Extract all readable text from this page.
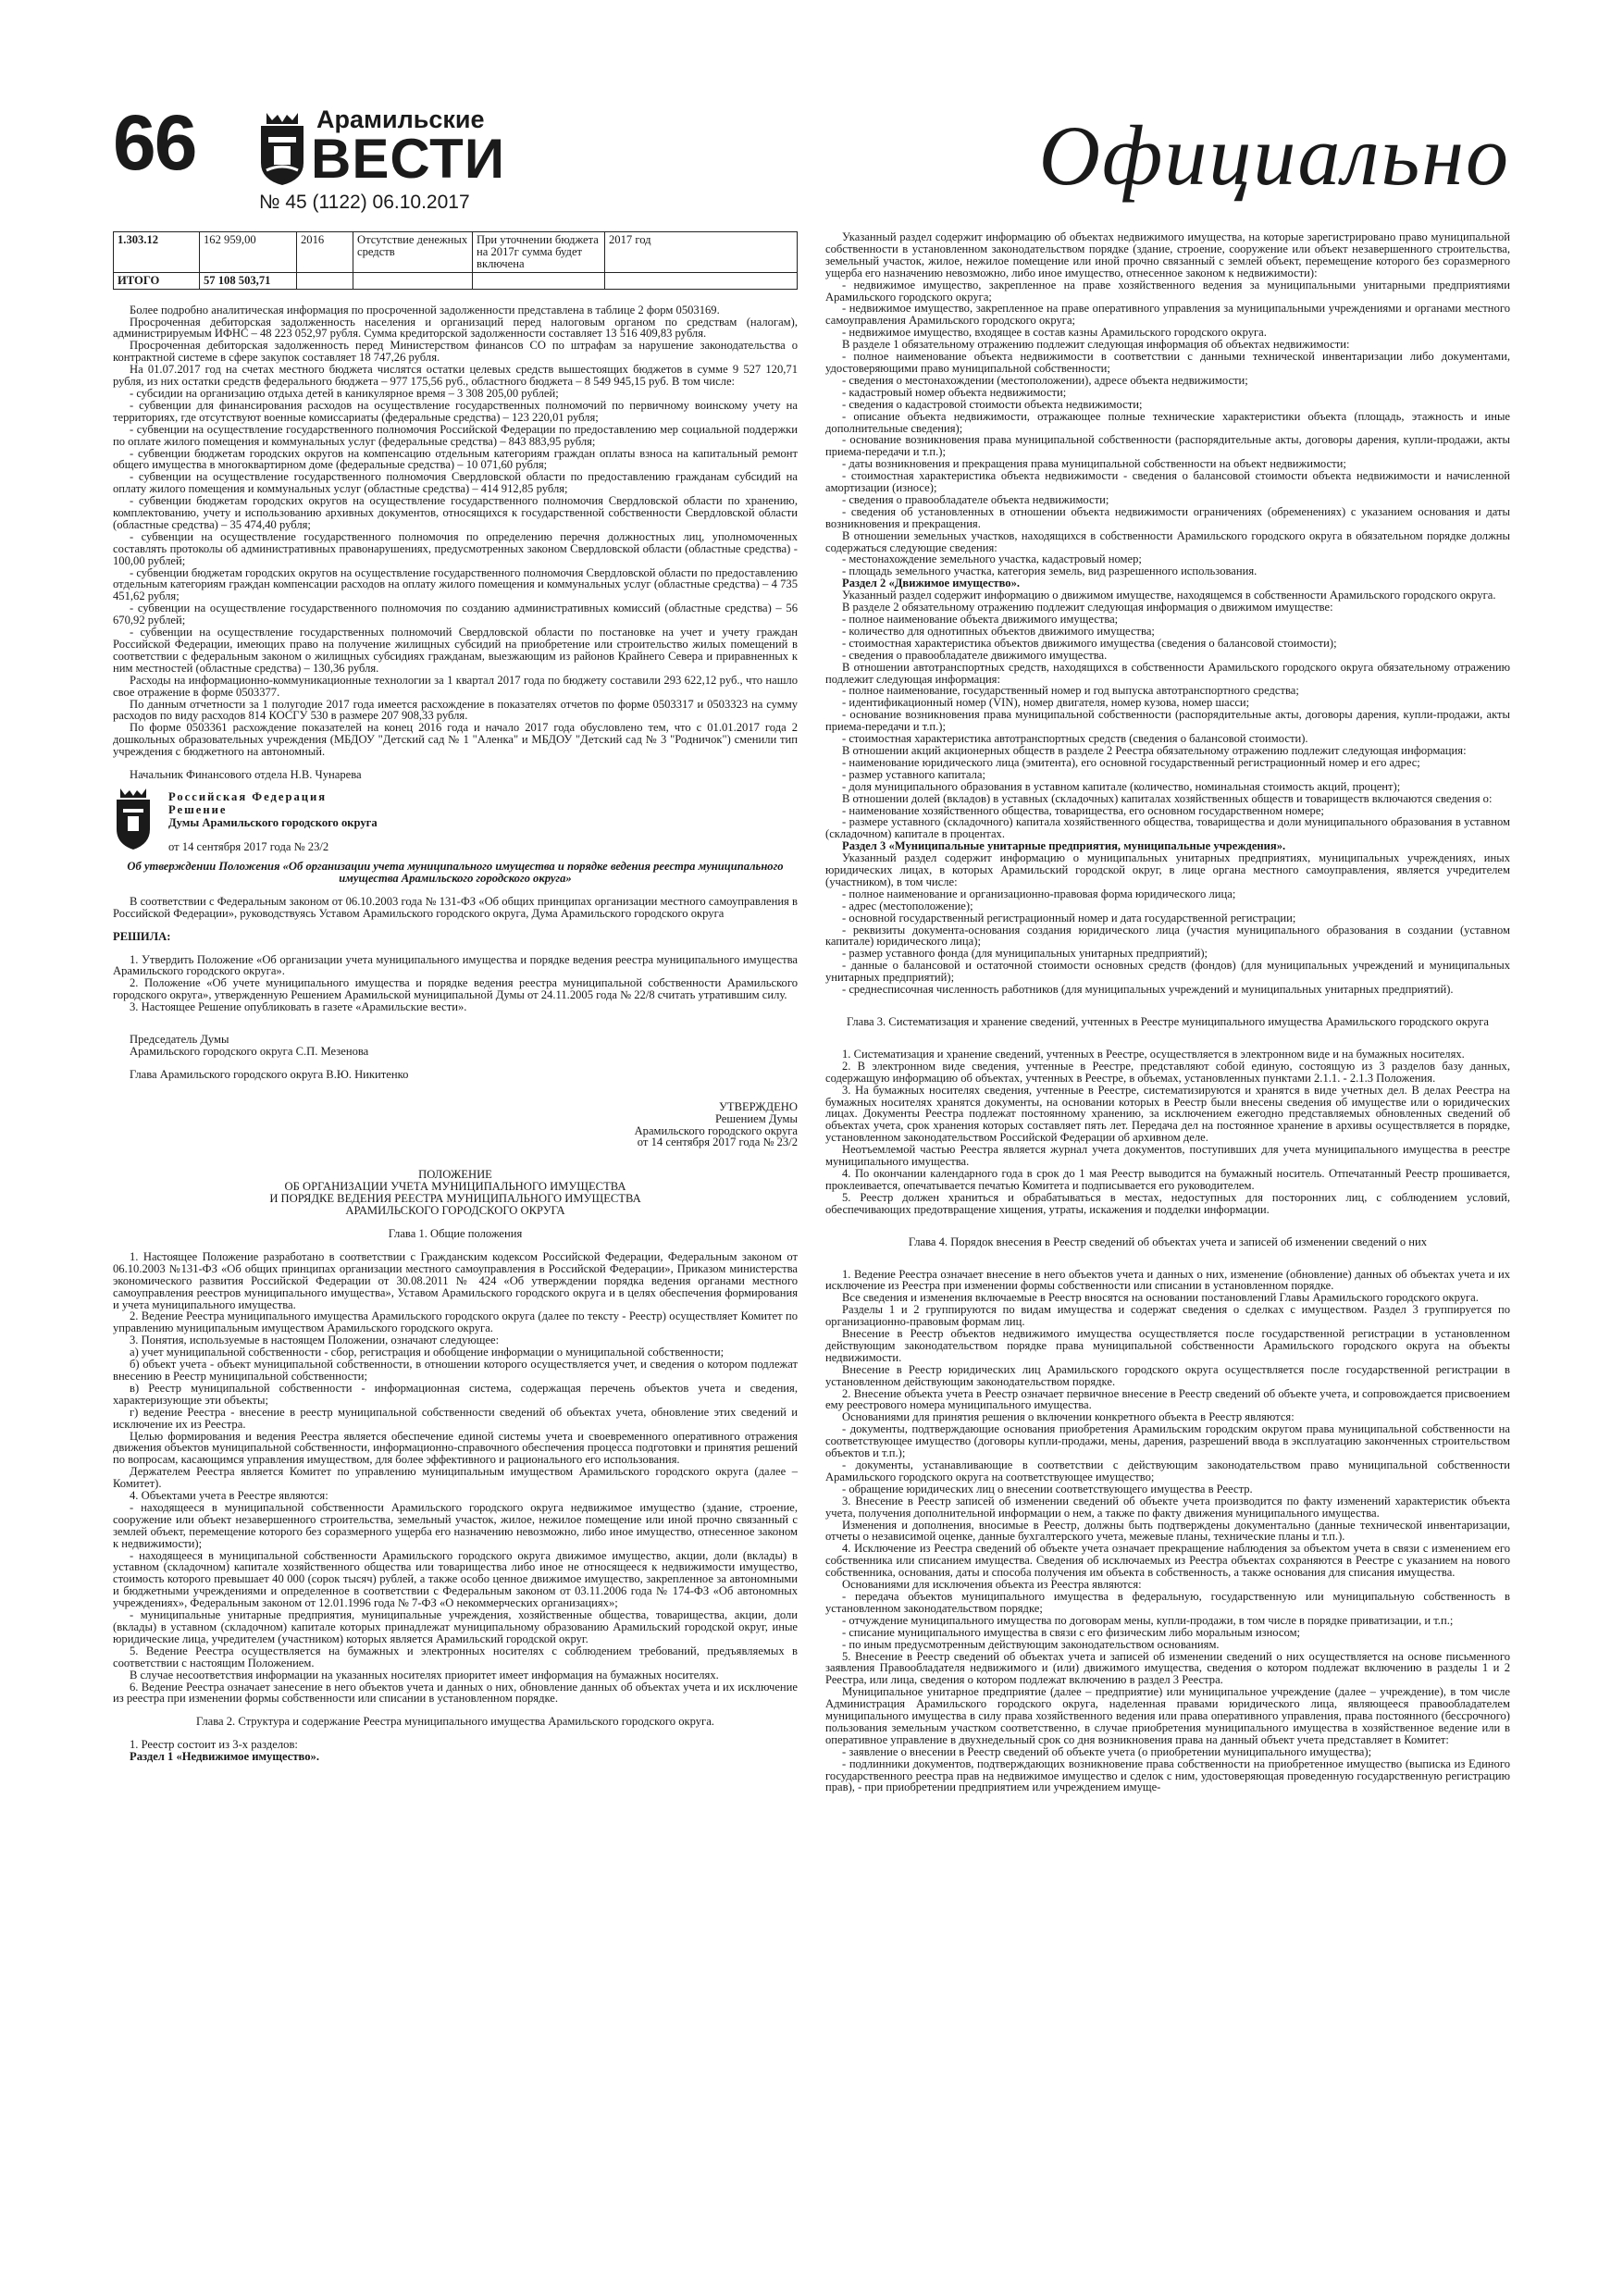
66	Арамильские
ВЕСТИ
№ 45 (1122) 06.10.2017	Официально
1.303.12	162 959,00	2016	Отсутствие денежных средств	При уточнении бюджета на 2017г сумма будет включена	2017 год
ИТОГО	57 108 503,71				

Более подробно аналитическая информация по просроченной задолженности представлена в таблице 2 форм 0503169.

Просроченная дебиторская задолженность населения и организаций перед налоговым органом по средствам (налогам), администрируемым ИФНС – 48 223 052,97 рубля. Сумма кредиторской задолженности составляет 13 516 409,83 рубля.

Просроченная дебиторская задолженность перед Министерством финансов СО по штрафам за нарушение законодательства о контрактной системе в сфере закупок составляет 18 747,26 рубля.

На 01.07.2017 год на счетах местного бюджета числятся остатки целевых средств вышестоящих бюджетов в сумме 9 527 120,71 рубля, из них остатки средств федерального бюджета – 977 175,56 руб., областного бюджета – 8 549 945,15 руб. В том числе:

- субсидии на организацию отдыха детей в каникулярное время – 3 308 205,00 рублей;

- субвенции для финансирования расходов на осуществление государственных полномочий по первичному воинскому учету на территориях, где отсутствуют военные комиссариаты (федеральные средства) – 123 220,01 рубля;

- субвенции на осуществление государственного полномочия Российской Федерации по предоставлению мер социальной поддержки по оплате жилого помещения и коммунальных услуг (федеральные средства) – 843 883,95 рубля;

- субвенции бюджетам городских округов на компенсацию отдельным категориям граждан оплаты взноса на капитальный ремонт общего имущества в многоквартирном доме (федеральные средства) – 10 071,60 рубля;

- субвенции на осуществление государственного полномочия Свердловской области по предоставлению гражданам субсидий на оплату жилого помещения и коммунальных услуг (областные средства) – 414 912,85 рубля;

- субвенции бюджетам городских округов на осуществление государственного полномочия Свердловской области по хранению, комплектованию, учету и использованию архивных документов, относящихся к государственной собственности Свердловской области (областные средства) – 35 474,40 рубля;

- субвенции на осуществление государственного полномочия по определению перечня должностных лиц, уполномоченных составлять протоколы об административных правонарушениях, предусмотренных законом Свердловской области (областные средства) - 100,00 рублей;

- субвенции бюджетам городских округов на осуществление государственного полномочия Свердловской области по предоставлению отдельным категориям граждан компенсации расходов на оплату жилого помещения и коммунальных услуг (областные средства) – 4 735 451,62 рубля;

- субвенции на осуществление государственного полномочия по созданию административных комиссий (областные средства) – 56 670,92 рублей;

- субвенции на осуществление государственных полномочий Свердловской области по постановке на учет и учету граждан Российской Федерации, имеющих право на получение жилищных субсидий на приобретение или строительство жилых помещений в соответствии с федеральным законом о жилищных субсидиях гражданам, выезжающим из районов Крайнего Севера и приравненных к ним местностей (областные средства) – 130,36 рубля.

Расходы на информационно-коммуникационные технологии за 1 квартал 2017 года по бюджету составили 293 622,12 руб., что нашло свое отражение в форме 0503377.

По данным отчетности за 1 полугодие 2017 года имеется расхождение в показателях отчетов по форме 0503317 и 0503323 на сумму расходов по виду расходов 814 КОСГУ 530 в размере 207 908,33 рубля.

По форме 0503361 расхождение показателей на конец 2016 года и начало 2017 года обусловлено тем, что с 01.01.2017 года 2 дошкольных образовательных учреждения (МБДОУ "Детский сад № 1 "Аленка" и МБДОУ "Детский сад № 3 "Родничок") сменили тип учреждения с бюджетного на автономный.

Начальник Финансового отдела Н.В. Чунарева

Российская Федерация
Решение
Думы Арамильского городского округа
от 14 сентября 2017 года № 23/2

Об утверждении Положения «Об организации учета муниципального имущества и порядке ведения реестра муниципального имущества Арамильского городского округа»

В соответствии с Федеральным законом от 06.10.2003 года № 131-ФЗ «Об общих принципах организации местного самоуправления в Российской Федерации», руководствуясь Уставом Арамильского городского округа, Дума Арамильского городского округа

РЕШИЛА:

1. Утвердить Положение «Об организации учета муниципального имущества и порядке ведения реестра муниципального имущества Арамильского городского округа».

2. Положение «Об учете муниципального имущества и порядке ведения реестра муниципальной собственности Арамильского городского округа», утвержденную Решением Арамильской муниципальной Думы от 24.11.2005 года № 22/8 считать утратившим силу.

3. Настоящее Решение опубликовать в газете «Арамильские вести».

Председатель Думы

Арамильского городского округа С.П. Мезенова

Глава Арамильского городского округа В.Ю. Никитенко

УТВЕРЖДЕНО

Решением Думы

Арамильского городского округа

от 14 сентября 2017 года № 23/2

ПОЛОЖЕНИЕ

ОБ ОРГАНИЗАЦИИ УЧЕТА МУНИЦИПАЛЬНОГО ИМУЩЕСТВА

И ПОРЯДКЕ ВЕДЕНИЯ РЕЕСТРА МУНИЦИПАЛЬНОГО ИМУЩЕСТВА

АРАМИЛЬСКОГО ГОРОДСКОГО ОКРУГА

Глава 1. Общие положения

1. Настоящее Положение разработано в соответствии с Гражданским кодексом Российской Федерации, Федеральным законом от 06.10.2003 №131-ФЗ «Об общих принципах организации местного самоуправления в Российской Федерации», Приказом министерства экономического развития Российской Федерации от 30.08.2011 № 424 «Об утверждении порядка ведения органами местного самоуправления реестров муниципального имущества», Уставом Арамильского городского округа и в целях обеспечения формирования и учета муниципального имущества.

2. Ведение Реестра муниципального имущества Арамильского городского округа (далее по тексту - Реестр) осуществляет Комитет по управлению муниципальным имуществом Арамильского городского округа.

3. Понятия, используемые в настоящем Положении, означают следующее:

а) учет муниципальной собственности - сбор, регистрация и обобщение информации о муниципальной собственности;

б) объект учета - объект муниципальной собственности, в отношении которого осуществляется учет, и сведения о котором подлежат внесению в Реестр муниципальной собственности;

в) Реестр муниципальной собственности - информационная система, содержащая перечень объектов учета и сведения, характеризующие эти объекты;

г) ведение Реестра - внесение в реестр муниципальной собственности сведений об объектах учета, обновление этих сведений и исключение их из Реестра.

Целью формирования и ведения Реестра является обеспечение единой системы учета и своевременного оперативного отражения движения объектов муниципальной собственности, информационно-справочного обеспечения процесса подготовки и принятия решений по вопросам, касающимся управления имуществом, для более эффективного и рационального его использования.

Держателем Реестра является Комитет по управлению муниципальным имуществом Арамильского городского округа (далее – Комитет).

4. Объектами учета в Реестре являются:

- находящееся в муниципальной собственности Арамильского городского округа недвижимое имущество (здание, строение, сооружение или объект незавершенного строительства, земельный участок, жилое, нежилое помещение или иной прочно связанный с землей объект, перемещение которого без соразмерного ущерба его назначению невозможно, либо иное имущество, отнесенное законом к недвижимости);

- находящееся в муниципальной собственности Арамильского городского округа движимое имущество, акции, доли (вклады) в уставном (складочном) капитале хозяйственного общества или товарищества либо иное не относящееся к недвижимости имущество, стоимость которого превышает 40 000 (сорок тысяч) рублей, а также особо ценное движимое имущество, закрепленное за автономными и бюджетными учреждениями и определенное в соответствии с Федеральным законом от 03.11.2006 года № 174-ФЗ «Об автономных учреждениях», Федеральным законом от 12.01.1996 года № 7-ФЗ «О некоммерческих организациях»;

- муниципальные унитарные предприятия, муниципальные учреждения, хозяйственные общества, товарищества, акции, доли (вклады) в уставном (складочном) капитале которых принадлежат муниципальному образованию Арамильский городской округ, иные юридические лица, учредителем (участником) которых является Арамильский городской округ.

5. Ведение Реестра осуществляется на бумажных и электронных носителях с соблюдением требований, предъявляемых в соответствии с настоящим Положением.

В случае несоответствия информации на указанных носителях приоритет имеет информация на бумажных носителях.

6. Ведение Реестра означает занесение в него объектов учета и данных о них, обновление данных об объектах учета и их исключение из реестра при изменении формы собственности или списании в установленном порядке.

Глава 2. Структура и содержание Реестра муниципального имущества Арамильского городского округа.

1. Реестр состоит из 3-х разделов:

Раздел 1 «Недвижимое имущество».

Указанный раздел содержит информацию об объектах недвижимого имущества, на которые зарегистрировано право муниципальной собственности в установленном законодательством порядке (здание, строение, сооружение или объект незавершенного строительства, земельный участок, жилое, нежилое помещение или иной прочно связанный с землей объект, перемещение которого без соразмерного ущерба его назначению невозможно, либо иное имущество, отнесенное законом к недвижимости):

- недвижимое имущество, закрепленное на праве хозяйственного ведения за муниципальными унитарными предприятиями Арамильского городского округа;

- недвижимое имущество, закрепленное на праве оперативного управления за муниципальными учреждениями и органами местного самоуправления Арамильского городского округа;

- недвижимое имущество, входящее в состав казны Арамильского городского округа.

В разделе 1 обязательному отражению подлежит следующая информация об объектах недвижимости:

- полное наименование объекта недвижимости в соответствии с данными технической инвентаризации либо документами, удостоверяющими право муниципальной собственности;

- сведения о местонахождении (местоположении), адресе объекта недвижимости;

- кадастровый номер объекта недвижимости;

- сведения о кадастровой стоимости объекта недвижимости;

- описание объекта недвижимости, отражающее полные технические характеристики объекта (площадь, этажность и иные дополнительные сведения);

- основание возникновения права муниципальной собственности (распорядительные акты, договоры дарения, купли-продажи, акты приема-передачи и т.п.);

- даты возникновения и прекращения права муниципальной собственности на объект недвижимости;

- стоимостная характеристика объекта недвижимости - сведения о балансовой стоимости объекта недвижимости и начисленной амортизации (износе);

- сведения о правообладателе объекта недвижимости;

- сведения об установленных в отношении объекта недвижимости ограничениях (обременениях) с указанием основания и даты возникновения и прекращения.

В отношении земельных участков, находящихся в собственности Арамильского городского округа в обязательном порядке должны содержаться следующие сведения:

- местонахождение земельного участка, кадастровый номер;

- площадь земельного участка, категория земель, вид разрешенного использования.

Раздел 2 «Движимое имущество».

Указанный раздел содержит информацию о движимом имуществе, находящемся в собственности Арамильского городского округа.

В разделе 2 обязательному отражению подлежит следующая информация о движимом имуществе:

- полное наименование объекта движимого имущества;

- количество для однотипных объектов движимого имущества;

- стоимостная характеристика объектов движимого имущества (сведения о балансовой стоимости);

- сведения о правообладателе движимого имущества.

В отношении автотранспортных средств, находящихся в собственности Арамильского городского округа обязательному отражению подлежит следующая информация:

- полное наименование, государственный номер и год выпуска автотранспортного средства;

- идентификационный номер (VIN), номер двигателя, номер кузова, номер шасси;

- основание возникновения права муниципальной собственности (распорядительные акты, договоры дарения, купли-продажи, акты приема-передачи и т.п.);

- стоимостная характеристика автотранспортных средств (сведения о балансовой стоимости).

В отношении акций акционерных обществ в разделе 2 Реестра обязательному отражению подлежит следующая информация:

- наименование юридического лица (эмитента), его основной государственный регистрационный номер и его адрес;

- размер уставного капитала;

- доля муниципального образования в уставном капитале (количество, номинальная стоимость акций, процент);

В отношении долей (вкладов) в уставных (складочных) капиталах хозяйственных обществ и товариществ включаются сведения о:

- наименование хозяйственного общества, товарищества, его основном государственном номере;

- размере уставного (складочного) капитала хозяйственного общества, товарищества и доли муниципального образования в уставном (складочном) капитале в процентах.

Раздел 3 «Муниципальные унитарные предприятия, муниципальные учреждения».

Указанный раздел содержит информацию о муниципальных унитарных предприятиях, муниципальных учреждениях, иных юридических лицах, в которых Арамильский городской округ, в лице органа местного самоуправления, является учредителем (участником), в том числе:

- полное наименование и организационно-правовая форма юридического лица;

- адрес (местоположение);

- основной государственный регистрационный номер и дата государственной регистрации;

- реквизиты документа-основания создания юридического лица (участия муниципального образования в создании (уставном капитале) юридического лица);

- размер уставного фонда (для муниципальных унитарных предприятий);

- данные о балансовой и остаточной стоимости основных средств (фондов) (для муниципальных учреждений и муниципальных унитарных предприятий);

- среднесписочная численность работников (для муниципальных учреждений и муниципальных унитарных предприятий).

Глава 3. Систематизация и хранение сведений, учтенных в Реестре муниципального имущества Арамильского городского округа

1. Систематизация и хранение сведений, учтенных в Реестре, осуществляется в электронном виде и на бумажных носителях.

2. В электронном виде сведения, учтенные в Реестре, представляют собой единую, состоящую из 3 разделов базу данных, содержащую информацию об объектах, учтенных в Реестре, в объемах, установленных пунктами 2.1.1. - 2.1.3 Положения.

3. На бумажных носителях сведения, учтенные в Реестре, систематизируются и хранятся в виде учетных дел. В делах Реестра на бумажных носителях хранятся документы, на основании которых в Реестр были внесены сведения об имуществе или о юридических лицах. Документы Реестра подлежат постоянному хранению, за исключением ежегодно представляемых обновленных сведений об объектах учета, срок хранения которых составляет пять лет. Передача дел на постоянное хранение в архивы осуществляется в порядке, установленном законодательством Российской Федерации об архивном деле.

Неотъемлемой частью Реестра является журнал учета документов, поступивших для учета муниципального имущества в реестре муниципального имущества.

4. По окончании календарного года в срок до 1 мая Реестр выводится на бумажный носитель. Отпечатанный Реестр прошивается, проклеивается, опечатывается печатью Комитета и подписывается его руководителем.

5. Реестр должен храниться и обрабатываться в местах, недоступных для посторонних лиц, с соблюдением условий, обеспечивающих предотвращение хищения, утраты, искажения и подделки информации.

Глава 4. Порядок внесения в Реестр сведений об объектах учета и записей об изменении сведений о них

1. Ведение Реестра означает внесение в него объектов учета и данных о них, изменение (обновление) данных об объектах учета и их исключение из Реестра при изменении формы собственности или списании в установленном порядке.

Все сведения и изменения включаемые в Реестр вносятся на основании постановлений Главы Арамильского городского округа.

Разделы 1 и 2 группируются по видам имущества и содержат сведения о сделках с имуществом. Раздел 3 группируется по организационно-правовым формам лиц.

Внесение в Реестр объектов недвижимого имущества осуществляется после государственной регистрации в установленном действующим законодательством порядке права муниципальной собственности Арамильского городского округа на объекты недвижимости.

Внесение в Реестр юридических лиц Арамильского городского округа осуществляется после государственной регистрации в установленном действующим законодательством порядке.

2. Внесение объекта учета в Реестр означает первичное внесение в Реестр сведений об объекте учета, и сопровождается присвоением ему реестрового номера муниципального имущества.

Основаниями для принятия решения о включении конкретного объекта в Реестр являются:

- документы, подтверждающие основания приобретения Арамильским городским округом права муниципальной собственности на соответствующее имущество (договоры купли-продажи, мены, дарения, разрешений ввода в эксплуатацию законченных строительством объектов и т.п.);

- документы, устанавливающие в соответствии с действующим законодательством право муниципальной собственности Арамильского городского округа на соответствующее имущество;

- обращение юридических лиц о внесении соответствующего имущества в Реестр.

3. Внесение в Реестр записей об изменении сведений об объекте учета производится по факту изменений характеристик объекта учета, получения дополнительной информации о нем, а также по факту движения муниципального имущества.

Изменения и дополнения, вносимые в Реестр, должны быть подтверждены документально (данные технической инвентаризации, отчеты о независимой оценке, данные бухгалтерского учета, межевые планы, технические планы и т.п.).

4. Исключение из Реестра сведений об объекте учета означает прекращение наблюдения за объектом учета в связи с изменением его собственника или списанием имущества. Сведения об исключаемых из Реестра объектах сохраняются в Реестре с указанием на нового собственника, основания, даты и способа получения им объекта в собственность, а также основания для списания имущества.

Основаниями для исключения объекта из Реестра являются:

- передача объектов муниципального имущества в федеральную, государственную или муниципальную собственность в установленном законодательством порядке;

- отчуждение муниципального имущества по договорам мены, купли-продажи, в том числе в порядке приватизации, и т.п.;

- списание муниципального имущества в связи с его физическим либо моральным износом;

- по иным предусмотренным действующим законодательством основаниям.

5. Внесение в Реестр сведений об объектах учета и записей об изменении сведений о них осуществляется на основе письменного заявления Правообладателя недвижимого и (или) движимого имущества, сведения о котором подлежат включению в разделы 1 и 2 Реестра, или лица, сведения о котором подлежат включению в раздел 3 Реестра.

Муниципальное унитарное предприятие (далее – предприятие) или муниципальное учреждение (далее – учреждение), в том числе Администрация Арамильского городского округа, наделенная правами юридического лица, являющееся правообладателем муниципального имущества в силу права хозяйственного ведения или права оперативного управления, права постоянного (бессрочного) пользования земельным участком соответственно, в случае приобретения муниципального имущества в хозяйственное ведение или в оперативное управление в двухнедельный срок со дня возникновения права на данный объект учета представляет в Комитет:

- заявление о внесении в Реестр сведений об объекте учета (о приобретении муниципального имущества);

- подлинники документов, подтверждающих возникновение права собственности на приобретенное имущество (выписка из Единого государственного реестра прав на недвижимое имущество и сделок с ним, удостоверяющая проведенную государственную регистрацию прав), - при приобретении предприятием или учреждением имуще-
